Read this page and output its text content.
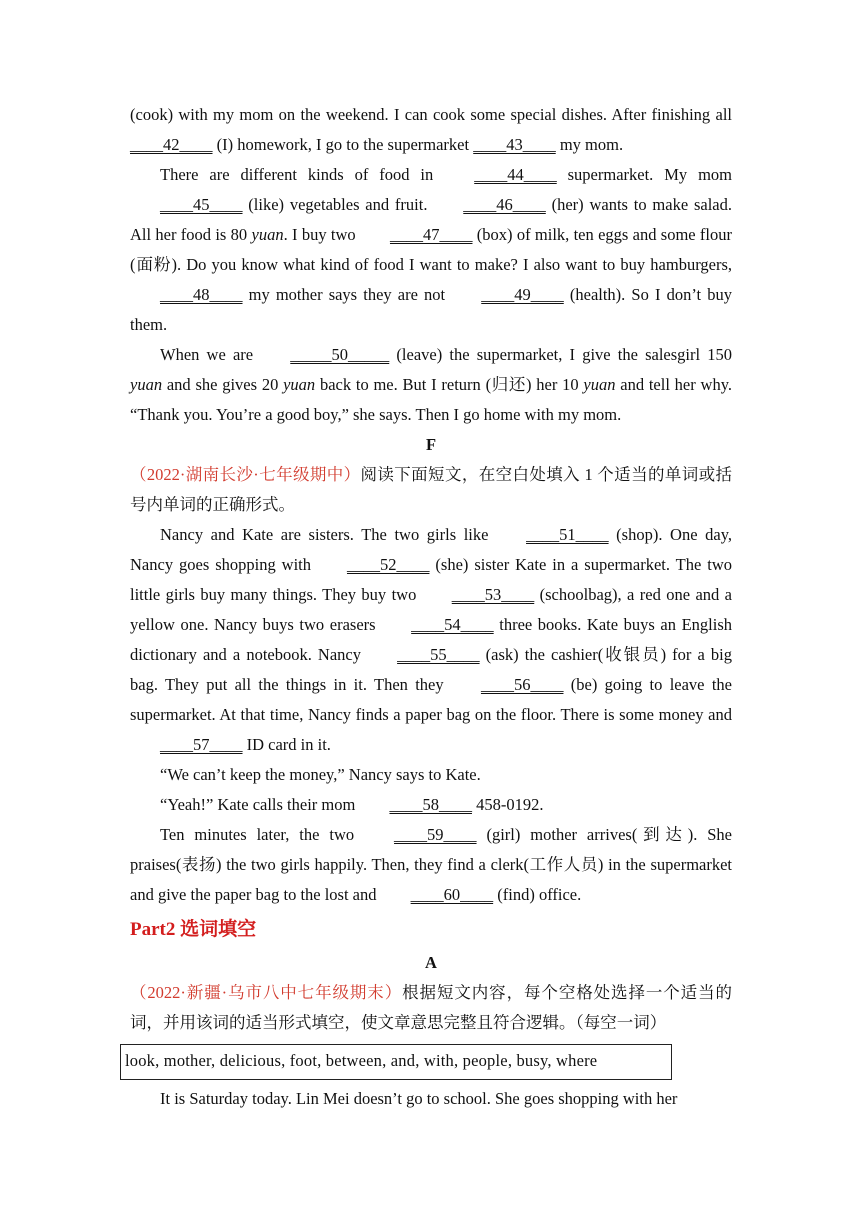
(cook) with my mom on the weekend. I can cook some special dishes. After finishing all ____42____ (I) homework, I go to the supermarket ____43____ my mom.

There are different kinds of food in ____44____ supermarket. My mom ____45____ (like) vegetables and fruit. ____46____ (her) wants to make salad. All her food is 80 yuan. I buy two ____47____ (box) of milk, ten eggs and some flour (面粉). Do you know what kind of food I want to make? I also want to buy hamburgers, ____48____ my mother says they are not ____49____ (health). So I don’t buy them.

When we are _____50_____ (leave) the supermarket, I give the salesgirl 150 yuan and she gives 20 yuan back to me. But I return (归还) her 10 yuan and tell her why. “Thank you. You’re a good boy,” she says. Then I go home with my mom.

F

（2022·湖南长沙·七年级期中）阅读下面短文，在空白处填入 1 个适当的单词或括号内单词的正确形式。

Nancy and Kate are sisters. The two girls like ____51____ (shop). One day, Nancy goes shopping with ____52____ (she) sister Kate in a supermarket. The two little girls buy many things. They buy two ____53____ (schoolbag), a red one and a yellow one. Nancy buys two erasers ____54____ three books. Kate buys an English dictionary and a notebook. Nancy ____55____ (ask) the cashier(收银员) for a big bag. They put all the things in it. Then they ____56____ (be) going to leave the supermarket. At that time, Nancy finds a paper bag on the floor. There is some money and ____57____ ID card in it.

“We can’t keep the money,” Nancy says to Kate.

“Yeah!” Kate calls their mom ____58____ 458-0192.

Ten minutes later, the two ____59____ (girl) mother arrives(到达). She praises(表扬) the two girls happily. Then, they find a clerk(工作人员) in the supermarket and give the paper bag to the lost and ____60____ (find) office.

Part2 选词填空

A

（2022·新疆·乌市八中七年级期末）根据短文内容，每个空格处选择一个适当的词，并用该词的适当形式填空，使文章意思完整且符合逻辑。（每空一词）

look, mother, delicious, foot, between, and, with, people, busy, where

It is Saturday today. Lin Mei doesn’t go to school. She goes shopping with her
